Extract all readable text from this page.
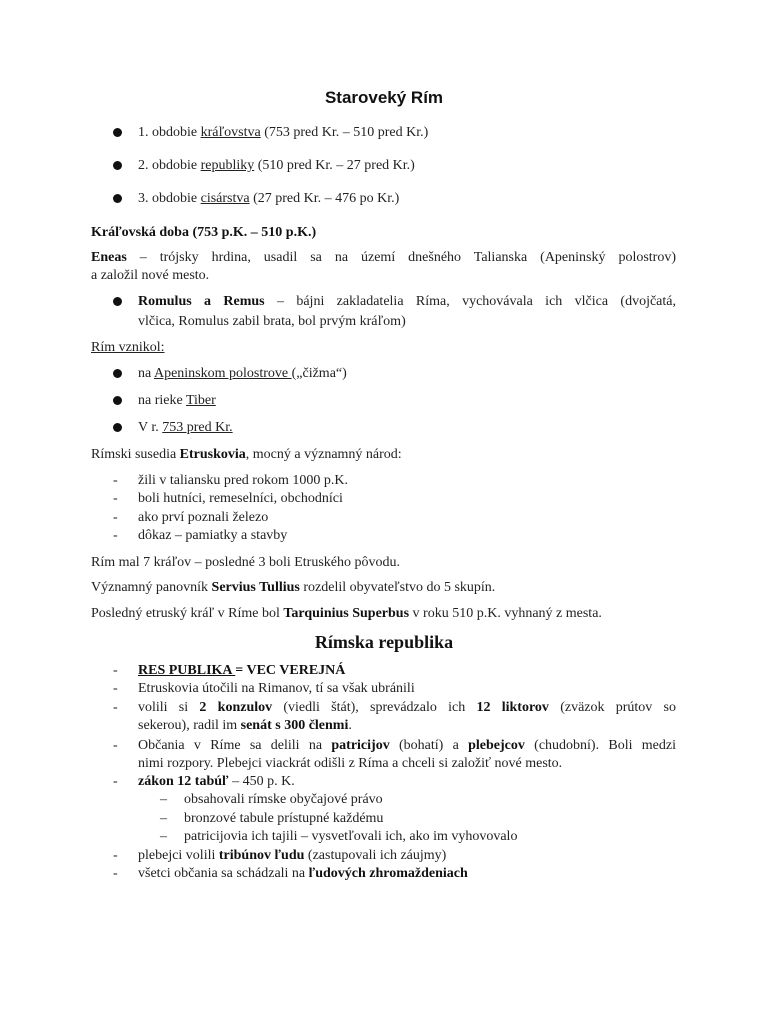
Staroveký Rím
1. obdobie kráľovstva (753 pred Kr. – 510 pred Kr.)
2. obdobie republiky (510 pred Kr. – 27 pred Kr.)
3. obdobie cisárstva (27 pred Kr. – 476 po Kr.)
Kráľovská doba (753 p.K. – 510 p.K.)
Eneas – trójsky hrdina, usadil sa na území dnešného Talianska (Apeninský polostrov)
a založil nové mesto.
Romulus a Remus – bájni zakladatelia Ríma, vychovávala ich vlčica (dvojčatá,
vlčica, Romulus zabil brata, bol prvým kráľom)
Rím vznikol:
na Apeninskom polostrove („čižma“)
na rieke Tiber
V r. 753 pred Kr.
Rímski susedia Etruskovia, mocný a významný národ:
- žili v taliansku pred rokom 1000 p.K.
- boli hutníci, remeselníci, obchodníci
- ako prví poznali železo
- dôkaz – pamiatky a stavby
Rím mal 7 kráľov – posledné 3 boli Etruského pôvodu.
Významný panovník Servius Tullius rozdelil obyvateľstvo do 5 skupín.
Posledný etruský kráľ v Ríme bol Tarquinius Superbus v roku 510 p.K. vyhnaný z mesta.
Rímska republika
- RES PUBLIKA = VEC VEREJNÁ
- Etruskovia útočili na Rimanov, tí sa však ubránili
- volili si 2 konzulov (viedli štát), sprevádzalo ich 12 liktorov (zväzok prútov so
sekerou), radil im senát s 300 členmi.
- Občania v Ríme sa delili na patricijov (bohatí) a plebejcov (chudobní). Boli medzi
nimi rozpory. Plebejci viackrát odišli z Ríma a chceli si založiť nové mesto.
- zákon 12 tabúľ – 450 p. K.
– obsahovali rímske obyčajové právo
– bronzové tabule prístupné každému
– patricijovia ich tajili – vysvetľovali ich, ako im vyhovovalo
- plebejci volili tribúnov ľudu (zastupovali ich záujmy)
- všetci občania sa schádzali na ľudových zhromaždeniach
